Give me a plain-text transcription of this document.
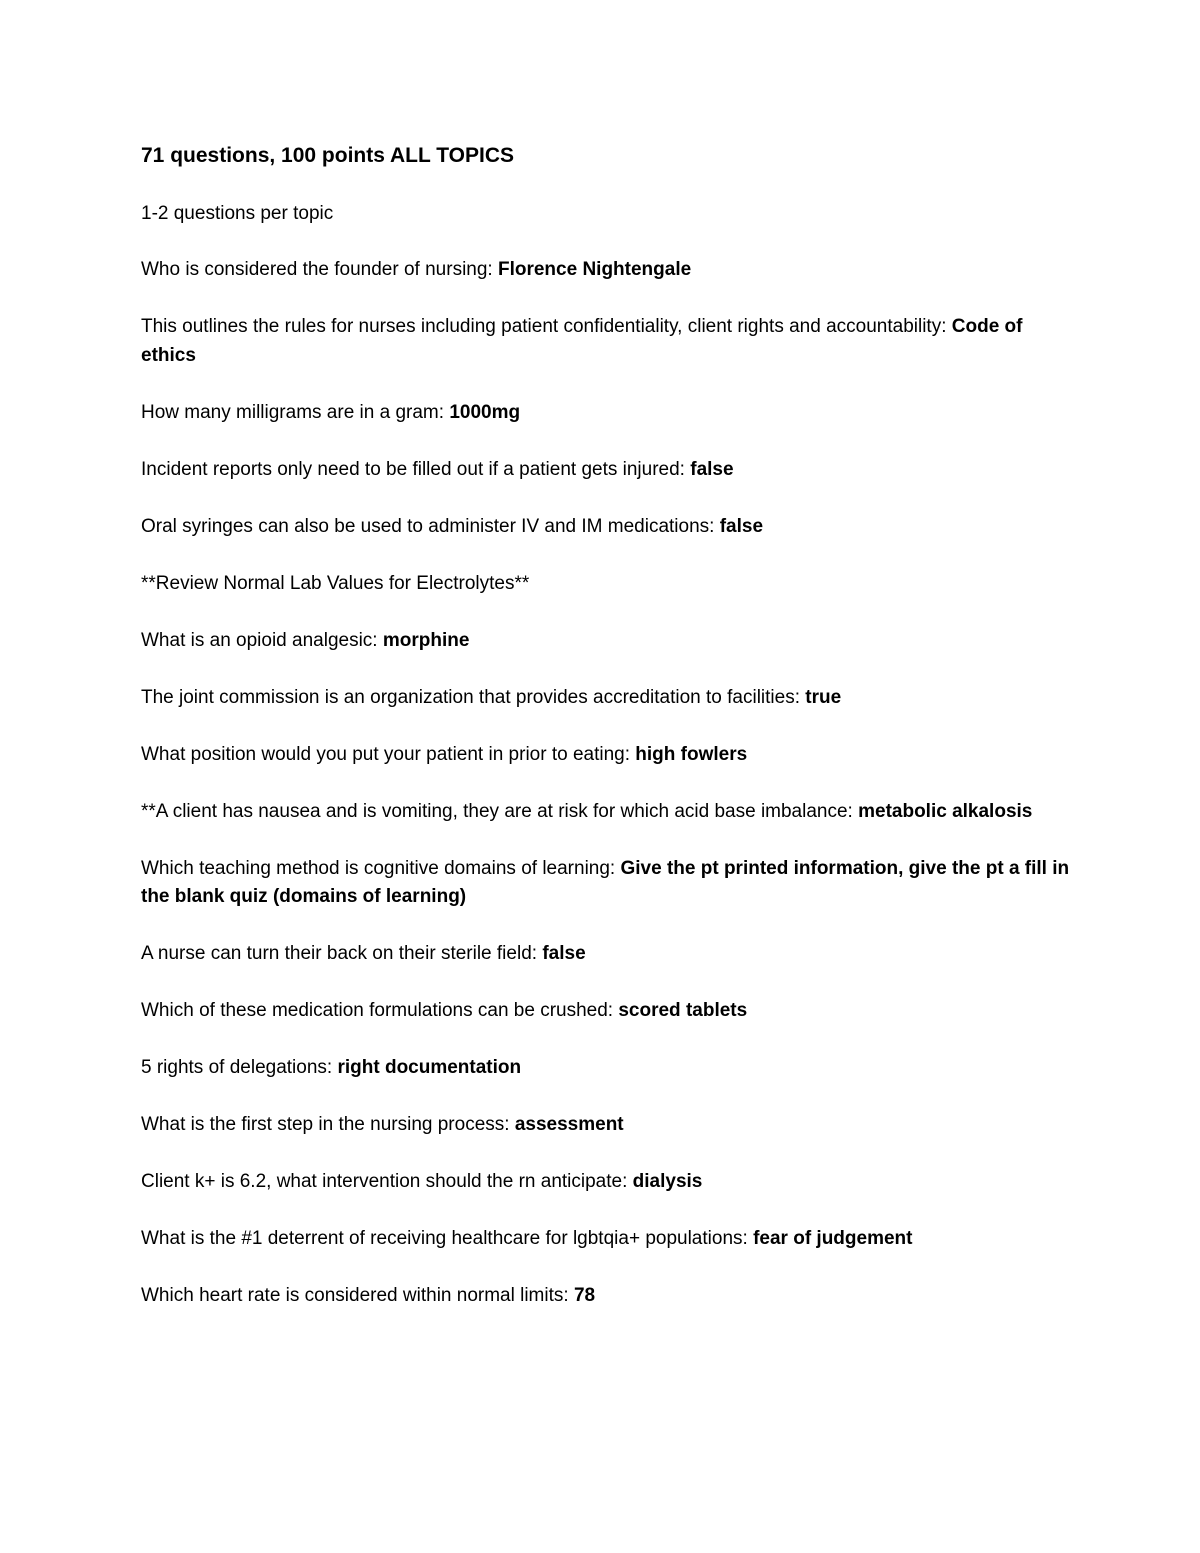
71 questions, 100 points ALL TOPICS

1-2 questions per topic

Who is considered the founder of nursing: Florence Nightengale

This outlines the rules for nurses including patient confidentiality, client rights and accountability: Code of ethics

How many milligrams are in a gram: 1000mg

Incident reports only need to be filled out if a patient gets injured: false

Oral syringes can also be used to administer IV and IM medications: false

**Review Normal Lab Values for Electrolytes**

What is an opioid analgesic: morphine

The joint commission is an organization that provides accreditation to facilities: true

What position would you put your patient in prior to eating: high fowlers

**A client has nausea and is vomiting, they are at risk for which acid base imbalance: metabolic alkalosis

Which teaching method is cognitive domains of learning: Give the pt printed information, give the pt a fill in the blank quiz (domains of learning)

A nurse can turn their back on their sterile field: false

Which of these medication formulations can be crushed: scored tablets

5 rights of delegations: right documentation

What is the first step in the nursing process: assessment

Client k+ is 6.2, what intervention should the rn anticipate: dialysis

What is the #1 deterrent of receiving healthcare for lgbtqia+ populations: fear of judgement

Which heart rate is considered within normal limits: 78
